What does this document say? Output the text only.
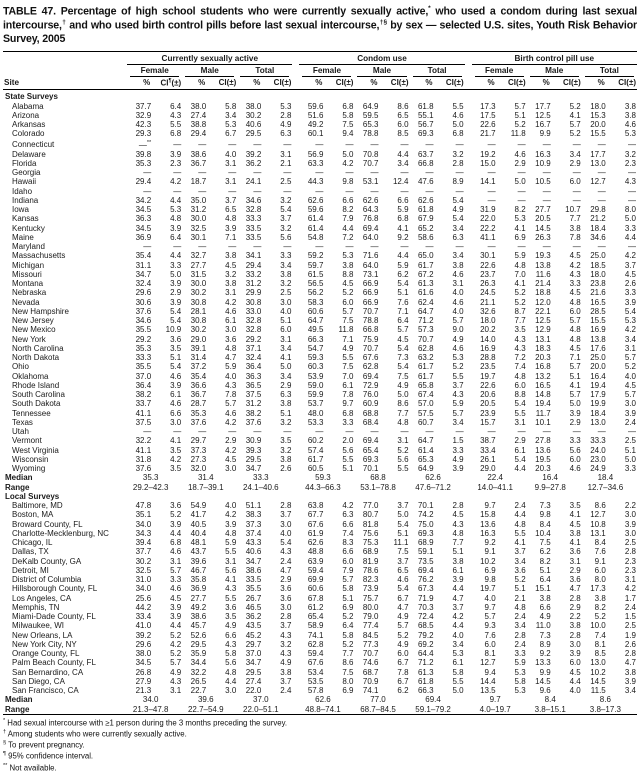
TABLE 47. Percentage of high school students who were currently sexually active,* who used a condom during last sexual intercourse,† and who used birth control pills before last sexual intercourse,†§ by sex — selected U.S. sites, Youth Risk Behavior Survey, 2005
Site	Currently sexually active							Condom use							Birth control pill use					

	Female		Male		Total			Female		Male		Total			Female		Male		Total	

	%	CI¶(±)	%	CI(±)	%	CI(±)		%	CI(±)	%	CI(±)	%	CI(±)		%	CI(±)	%	CI(±)	%	CI(±)
State Surveys																				
Alabama	37.7	6.4	38.0	5.8	38.0	5.3		59.6	6.8	64.9	8.6	61.8	5.5		17.3	5.7	17.7	5.2	18.0	3.8
Arizona	32.9	4.3	27.4	3.4	30.2	2.8		51.6	5.8	59.5	6.5	55.1	4.6		17.5	5.1	12.5	4.1	15.3	3.8
Arkansas	42.3	5.5	38.8	5.3	40.6	4.9		49.2	7.5	65.3	6.0	56.7	5.0		22.6	5.2	16.7	5.7	20.0	4.6
Colorado	29.3	6.8	29.4	6.7	29.5	6.3		60.1	9.4	78.8	8.5	69.3	6.8		21.7	11.8	9.9	5.2	15.5	5.3
Connecticut	—**	—	—	—	—	—		—	—	—	—	—	—		—	—	—	—	—	—
Delaware	39.8	3.9	38.6	4.0	39.2	3.1		56.9	5.0	70.8	4.4	63.7	3.2		19.2	4.6	16.3	3.4	17.7	3.2
Florida	35.3	2.3	36.7	3.1	36.2	2.1		63.3	4.2	70.7	3.4	66.8	2.8		15.0	2.9	10.9	2.9	13.0	2.3
Georgia	—	—	—	—	—	—		—	—	—	—	—	—		—	—	—	—	—	—
Hawaii	29.4	4.2	18.7	3.1	24.1	2.5		44.3	9.8	53.1	12.4	47.6	8.9		14.1	5.0	10.5	6.0	12.7	4.3
Idaho	—	—	—	—	—	—		—	—	—	—	—	—		—	—	—	—	—	—
Indiana	34.2	4.4	35.0	3.7	34.6	3.2		62.6	6.6	62.6	6.6	62.6	5.4		—	—	—	—	—	—
Iowa	34.5	5.3	31.2	6.5	32.8	5.4		59.6	8.2	64.3	5.9	61.8	4.9		31.9	8.2	27.7	10.7	29.8	8.0
Kansas	36.3	4.8	30.0	4.8	33.3	3.7		61.4	7.9	76.8	6.8	67.9	5.4		22.0	5.3	20.5	7.7	21.2	5.0
Kentucky	34.5	3.9	32.5	3.9	33.5	3.2		61.4	4.4	69.4	4.1	65.2	3.4		22.2	4.1	14.5	3.8	18.4	3.3
Maine	36.9	6.4	30.1	7.1	33.5	5.6		54.8	7.2	64.0	9.2	58.6	6.3		41.1	6.9	26.3	7.8	34.6	4.4
Maryland	—	—	—	—	—	—		—	—	—	—	—	—		—	—	—	—	—	—
Massachusetts	35.4	4.4	32.7	3.8	34.1	3.3		59.2	5.3	71.6	4.4	65.0	3.4		30.1	5.9	19.3	4.5	25.0	4.2
Michigan	31.1	3.3	27.7	4.5	29.4	3.4		59.7	3.8	64.0	5.9	61.7	3.8		22.6	4.8	13.8	4.2	18.5	3.7
Missouri	34.7	5.0	31.5	3.2	33.2	3.8		61.5	8.8	73.1	6.2	67.2	4.6		23.7	7.0	11.6	4.3	18.0	4.5
Montana	32.4	3.9	30.0	3.8	31.2	3.2		56.5	4.5	66.9	5.4	61.3	3.1		26.3	4.1	21.4	3.3	23.8	2.6
Nebraska	29.6	2.9	30.2	3.1	29.9	2.5		56.2	5.2	66.9	5.1	61.6	4.0		24.5	5.2	18.8	4.5	21.6	3.3
Nevada	30.6	3.9	30.8	4.2	30.8	3.0		58.3	6.0	66.9	7.6	62.4	4.6		21.1	5.2	12.0	4.8	16.5	3.9
New Hampshire	37.6	5.4	28.1	4.6	33.0	4.0		60.6	5.7	70.7	7.1	64.7	4.0		32.6	8.7	22.1	6.0	28.5	5.4
New Jersey	34.6	5.4	30.8	6.1	32.8	5.1		64.7	7.5	78.8	6.4	71.2	5.7		18.0	7.7	12.5	5.7	15.5	5.3
New Mexico	35.5	10.9	30.2	3.0	32.8	6.0		49.5	11.8	66.8	5.7	57.3	9.0		20.2	3.5	12.9	4.8	16.9	4.2
New York	29.2	3.6	29.0	3.6	29.2	3.1		66.3	7.1	75.9	4.5	70.7	4.9		14.0	4.3	13.1	4.8	13.8	3.4
North Carolina	35.3	3.5	39.1	4.8	37.1	3.4		54.7	4.9	70.7	5.4	62.8	4.6		16.9	4.3	18.3	4.5	17.6	3.1
North Dakota	33.3	5.1	31.4	4.7	32.4	4.1		59.3	5.5	67.6	7.3	63.2	5.3		28.8	7.2	20.3	7.1	25.0	5.7
Ohio	35.5	5.4	37.2	5.9	36.4	5.0		60.3	7.5	62.8	5.4	61.7	5.2		23.5	7.4	16.8	5.7	20.0	5.2
Oklahoma	37.0	4.6	35.4	4.0	36.3	3.4		53.9	7.0	69.4	7.5	61.7	5.5		19.7	4.8	13.2	5.1	16.4	4.0
Rhode Island	36.4	3.9	36.6	4.3	36.5	2.9		59.0	6.1	72.9	4.9	65.8	3.7		22.6	6.0	16.5	4.1	19.4	4.5
South Carolina	38.2	6.1	36.7	7.8	37.5	6.3		59.9	7.8	76.0	5.0	67.4	4.3		20.6	8.8	14.8	5.7	17.9	5.7
South Dakota	33.7	4.6	28.7	5.7	31.2	3.8		53.7	9.7	60.9	8.6	57.0	5.9		20.5	5.4	19.4	5.0	19.9	3.0
Tennessee	41.1	6.6	35.3	4.6	38.2	5.1		48.0	6.8	68.8	7.7	57.5	5.7		23.9	5.5	11.7	3.9	18.4	3.9
Texas	37.5	3.0	37.6	4.2	37.6	3.2		53.3	3.3	68.4	4.8	60.7	3.4		15.7	3.1	10.1	2.9	13.0	2.4
Utah	—	—	—	—	—	—		—	—	—	—	—	—		—	—	—	—	—	—
Vermont	32.2	4.1	29.7	2.9	30.9	3.5		60.2	2.0	69.4	3.1	64.7	1.5		38.7	2.9	27.8	3.3	33.3	2.5
West Virginia	41.1	3.5	37.3	4.2	39.3	3.2		57.4	5.6	65.4	5.2	61.4	3.3		33.4	6.1	13.6	5.6	24.0	5.1
Wisconsin	31.8	4.2	27.3	4.5	29.5	3.8		61.7	5.5	69.3	5.6	65.3	4.9		26.1	5.4	19.5	6.0	23.0	5.0
Wyoming	37.6	3.5	32.0	3.0	34.7	2.6		60.5	5.1	70.1	5.5	64.9	3.9		29.0	4.4	20.3	4.6	24.9	3.3
Median	35.3		31.4		33.3			59.3		68.8		62.6			22.4		16.4		18.4	
Range	29.2–42.3		18.7–39.1		24.1–40.6			44.3–66.3		53.1–78.8		47.6–71.2			14.0–41.1		9.9–27.8		12.7–34.6	
Local Surveys																				
Baltimore, MD	47.8	3.6	54.9	4.0	51.1	2.8		63.8	4.2	77.0	3.7	70.1	2.8		9.7	2.4	7.3	3.5	8.6	2.2
Boston, MA	35.1	5.2	41.7	4.2	38.3	3.7		67.7	6.3	80.7	5.0	74.2	4.5		15.8	4.4	9.8	4.1	12.7	3.0
Broward County, FL	34.0	3.9	40.5	3.9	37.3	3.0		67.6	6.6	81.8	5.4	75.0	4.3		13.6	4.8	8.4	4.5	10.8	3.9
Charlotte-Mecklenburg, NC	34.3	4.4	40.4	4.8	37.4	4.0		61.9	7.4	75.6	5.1	69.3	4.8		16.3	5.5	10.4	3.8	13.1	3.0
Chicago, IL	39.4	6.8	48.1	5.9	43.3	5.4		62.6	8.3	75.3	11.1	68.9	7.7		9.2	4.1	7.5	4.1	8.4	2.5
Dallas, TX	37.7	4.6	43.7	5.5	40.6	4.3		48.8	6.6	68.9	7.5	59.1	5.1		9.1	3.7	6.2	3.6	7.6	2.8
DeKalb County, GA	30.2	3.1	39.6	3.1	34.7	2.4		63.9	6.0	81.9	3.7	73.5	3.8		10.2	3.4	8.2	3.1	9.1	2.3
Detroit, MI	32.5	5.7	46.7	5.6	38.6	4.7		59.4	7.9	78.6	6.5	69.4	6.1		6.9	3.6	5.1	2.9	6.0	2.3
District of Columbia	31.0	3.3	35.8	4.1	33.5	2.9		69.9	5.7	82.3	4.6	76.2	3.9		9.8	5.2	6.4	3.6	8.0	3.1
Hillsborough County, FL	34.0	4.6	36.9	4.3	35.5	3.6		60.6	5.8	73.9	5.4	67.3	4.4		19.7	5.1	15.1	4.7	17.3	4.2
Los Angeles, CA	25.6	4.5	27.7	5.5	26.7	3.6		67.8	5.1	75.7	6.7	71.9	4.7		4.0	2.1	3.8	2.8	3.8	1.7
Memphis, TN	44.2	3.9	49.2	3.6	46.5	3.0		61.2	6.9	80.0	4.7	70.3	3.7		9.7	4.8	6.6	2.9	8.2	2.4
Miami-Dade County, FL	33.4	3.9	38.6	3.5	36.2	2.8		65.4	5.2	79.0	4.9	72.4	4.2		5.7	2.4	4.9	2.2	5.2	1.5
Milwaukee, WI	41.0	4.4	45.7	4.9	43.5	3.7		58.9	6.4	77.4	5.7	68.5	4.4		9.3	3.4	11.0	3.8	10.0	2.5
New Orleans, LA	39.2	5.2	52.6	6.6	45.2	4.3		74.1	5.8	84.5	5.2	79.2	4.0		7.6	2.8	7.3	2.8	7.4	1.9
New York City, NY	29.6	4.2	29.5	4.3	29.7	3.2		62.8	5.2	77.3	4.9	69.2	3.4		6.0	2.4	8.9	3.0	8.1	2.6
Orange County, FL	38.0	5.2	35.9	5.8	37.0	4.3		59.4	7.7	70.7	6.0	64.4	5.3		8.1	3.3	9.2	3.9	8.5	2.8
Palm Beach County, FL	34.5	5.7	34.4	5.6	34.7	4.9		67.6	8.6	74.6	6.7	71.2	6.1		12.7	5.9	13.3	6.0	13.0	4.7
San Bernardino, CA	26.8	4.9	32.2	4.8	29.5	3.8		53.4	7.5	68.7	7.8	61.3	5.8		9.4	5.3	9.9	4.5	10.2	3.8
San Diego, CA	27.9	4.3	26.5	4.4	27.4	3.7		53.5	8.0	70.9	6.7	61.8	5.5		14.4	5.8	14.5	4.4	14.5	3.9
San Francisco, CA	21.3	3.1	22.7	3.0	22.0	2.4		57.8	6.9	74.1	6.2	66.3	5.0		13.5	5.3	9.6	4.0	11.5	3.4
Median	34.0		39.6		37.0			62.6		77.0		69.4			9.7		8.4		8.6	
Range	21.3–47.8		22.7–54.9		22.0–51.1			48.8–74.1		68.7–84.5		59.1–79.2			4.0–19.7		3.8–15.1		3.8–17.3	
* Had sexual intercourse with ≥1 person during the 3 months preceding the survey.
† Among students who were currently sexually active.
§ To prevent pregnancy.
¶ 95% confidence interval.
** Not available.
